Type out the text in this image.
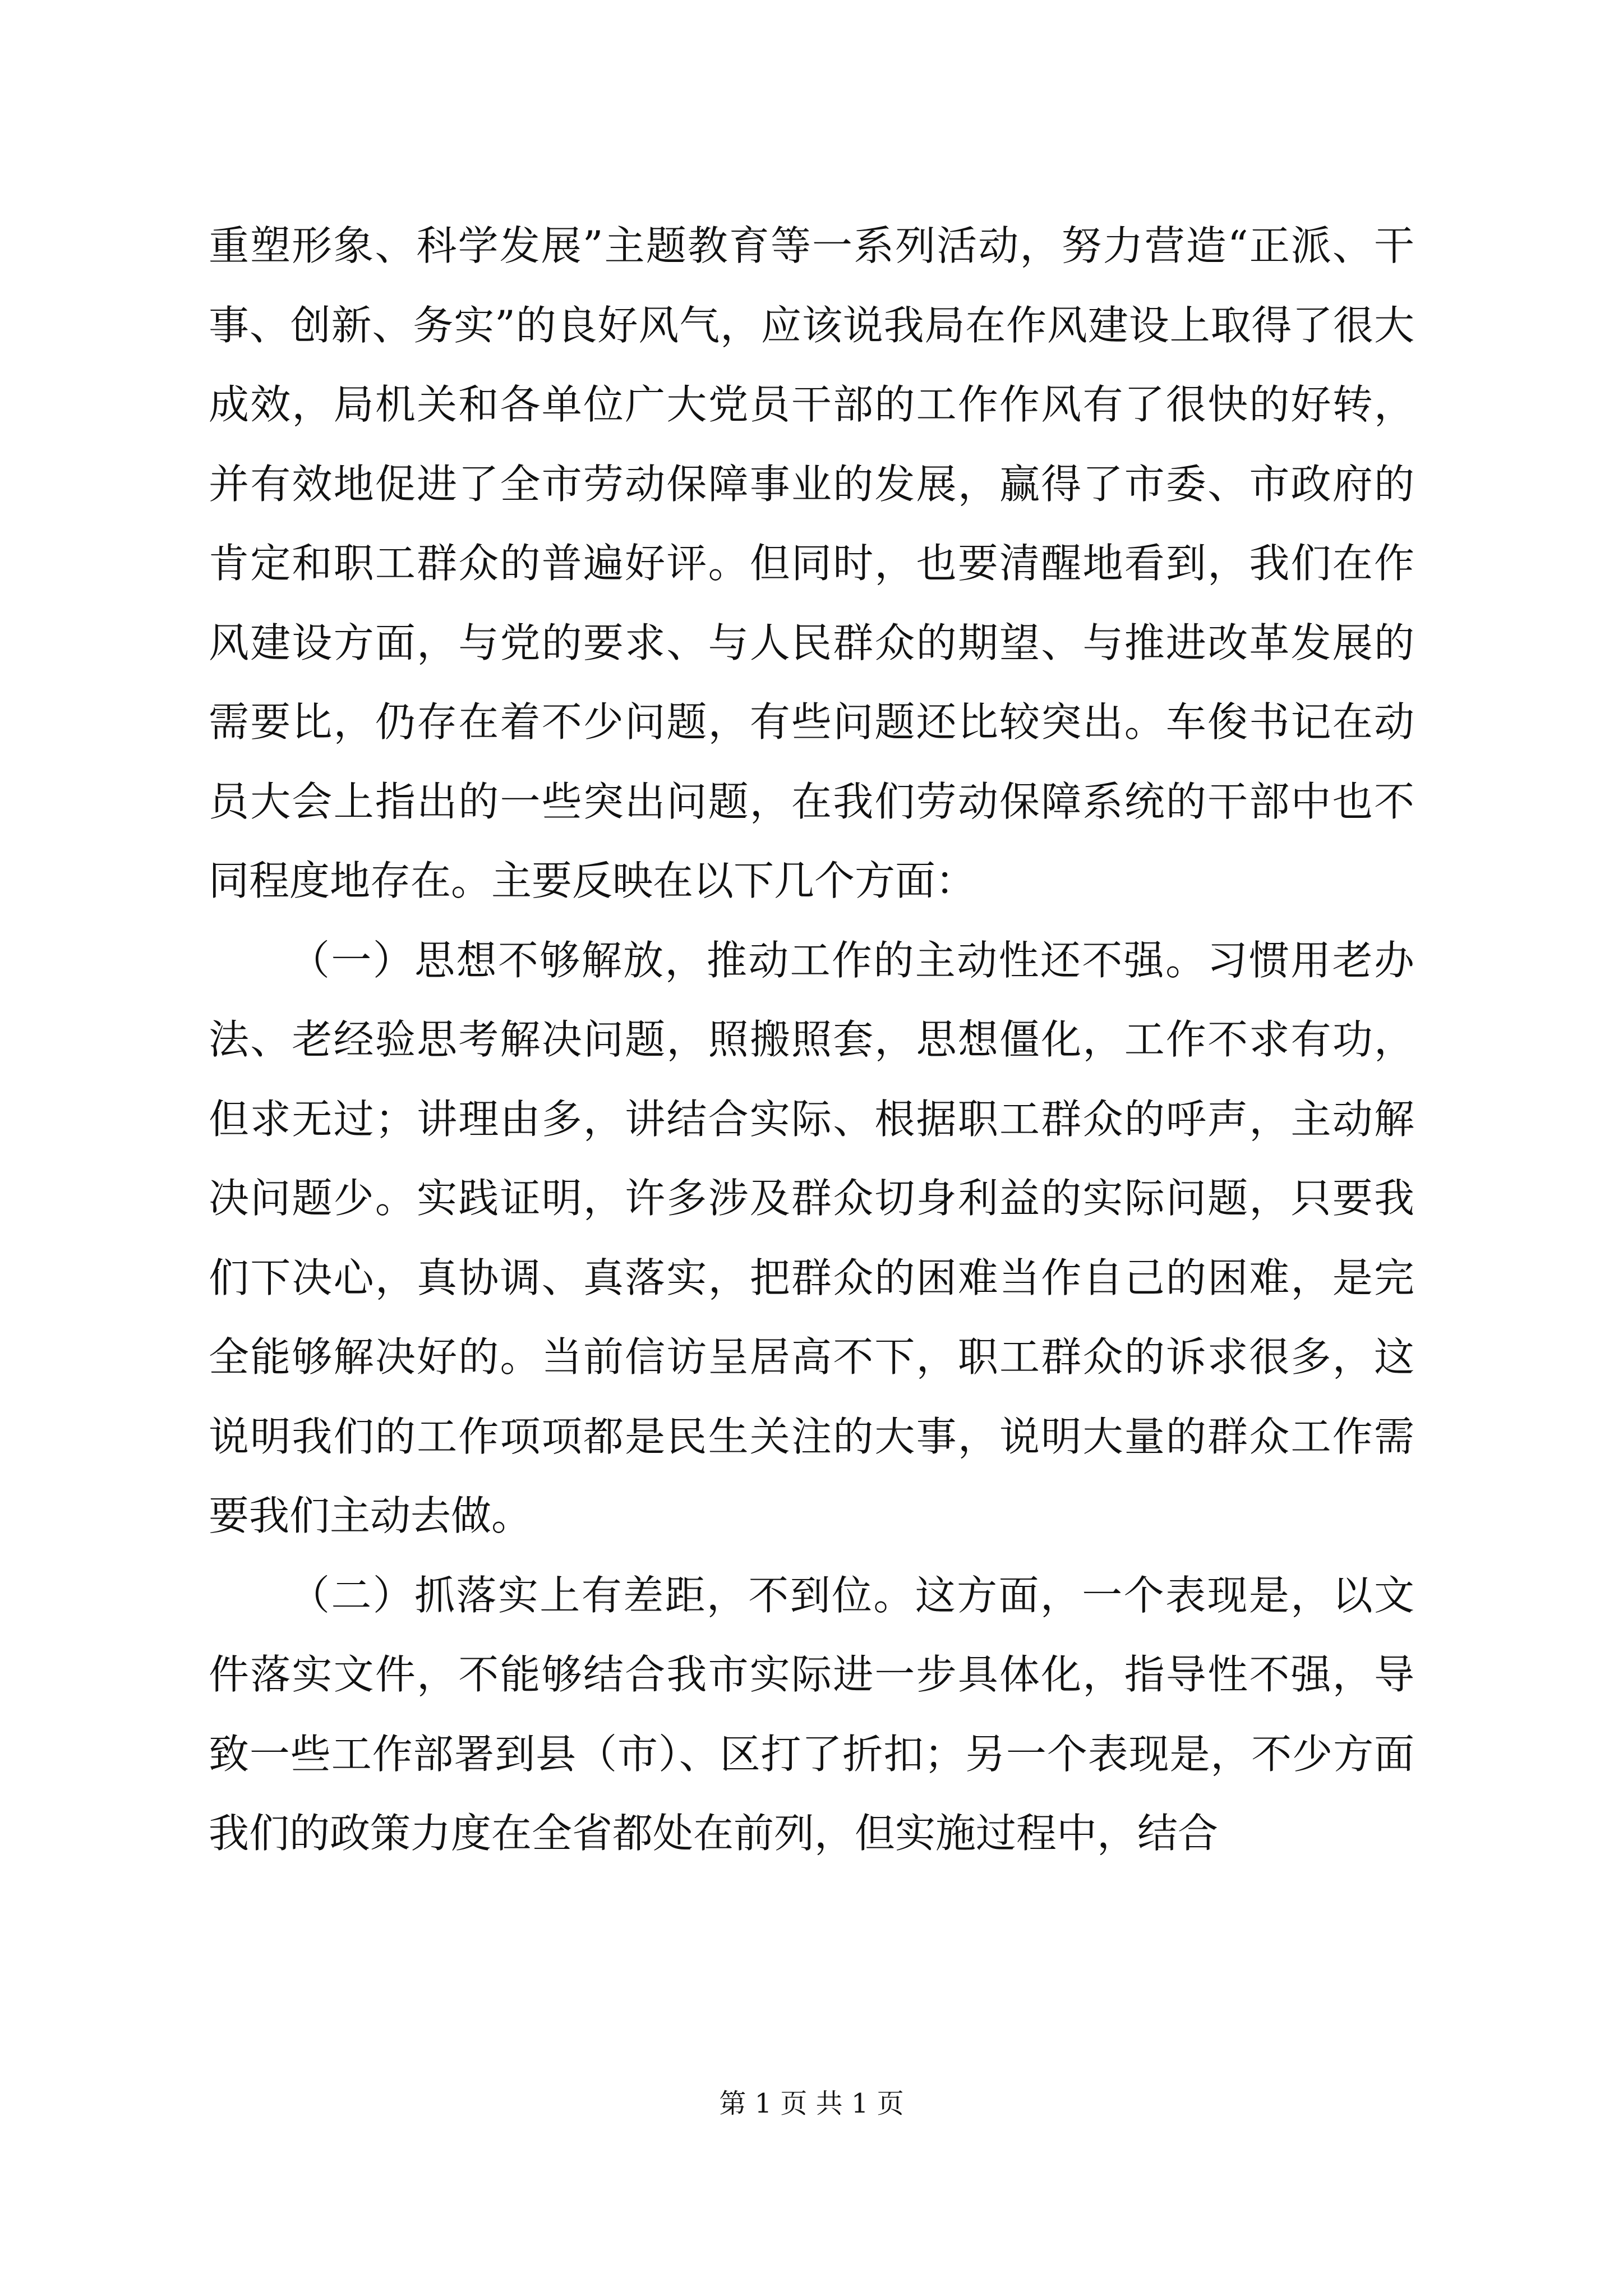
重塑形象、科学发展”主题教育等一系列活动，努力营造“正派、干事、创新、务实”的良好风气，应该说我局在作风建设上取得了很大成效，局机关和各单位广大党员干部的工作作风有了很快的好转，并有效地促进了全市劳动保障事业的发展，赢得了市委、市政府的肯定和职工群众的普遍好评。但同时，也要清醒地看到，我们在作风建设方面，与党的要求、与人民群众的期望、与推进改革发展的需要比，仍存在着不少问题，有些问题还比较突出。车俊书记在动员大会上指出的一些突出问题，在我们劳动保障系统的干部中也不同程度地存在。主要反映在以下几个方面：

（一）思想不够解放，推动工作的主动性还不强。习惯用老办法、老经验思考解决问题，照搬照套，思想僵化，工作不求有功，但求无过；讲理由多，讲结合实际、根据职工群众的呼声，主动解决问题少。实践证明，许多涉及群众切身利益的实际问题，只要我们下决心，真协调、真落实，把群众的困难当作自己的困难，是完全能够解决好的。当前信访呈居高不下，职工群众的诉求很多，这说明我们的工作项项都是民生关注的大事，说明大量的群众工作需要我们主动去做。

（二）抓落实上有差距，不到位。这方面，一个表现是，以文件落实文件，不能够结合我市实际进一步具体化，指导性不强，导致一些工作部署到县（市）、区打了折扣；另一个表现是，不少方面我们的政策力度在全省都处在前列，但实施过程中，结合

第 1 页 共 1 页
